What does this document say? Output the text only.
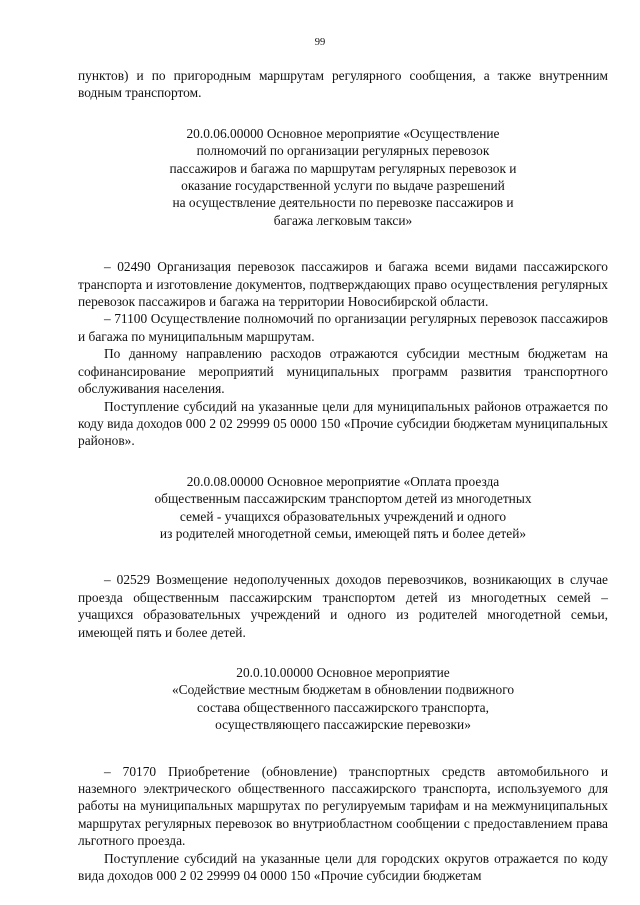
99

пунктов) и по пригородным маршрутам регулярного сообщения, а также внутренним водным транспортом.

20.0.06.00000 Основное мероприятие «Осуществление
полномочий по организации регулярных перевозок
пассажиров и багажа по маршрутам регулярных перевозок и
оказание государственной услуги по выдаче разрешений
на осуществление деятельности по перевозке пассажиров и
багажа легковым такси»

– 02490 Организация перевозок пассажиров и багажа всеми видами пассажирского транспорта и изготовление документов, подтверждающих право осуществления регулярных перевозок пассажиров и багажа на территории Новосибирской области.

– 71100 Осуществление полномочий по организации регулярных перевозок пассажиров и багажа по муниципальным маршрутам.

По данному направлению расходов отражаются субсидии местным бюджетам на софинансирование мероприятий муниципальных программ развития транспортного обслуживания населения.

Поступление субсидий на указанные цели для муниципальных районов отражается по коду вида доходов 000 2 02 29999 05 0000 150 «Прочие субсидии бюджетам муниципальных районов».

20.0.08.00000 Основное мероприятие «Оплата проезда
общественным пассажирским транспортом детей из многодетных
семей - учащихся образовательных учреждений и одного
из родителей многодетной семьи, имеющей пять и более детей»

– 02529 Возмещение недополученных доходов перевозчиков, возникающих в случае проезда общественным пассажирским транспортом детей из многодетных семей – учащихся образовательных учреждений и одного из родителей многодетной семьи, имеющей пять и более детей.

20.0.10.00000 Основное мероприятие
«Содействие местным бюджетам в обновлении подвижного
состава общественного пассажирского транспорта,
осуществляющего пассажирские перевозки»

– 70170 Приобретение (обновление) транспортных средств автомобильного и наземного электрического общественного пассажирского транспорта, используемого для работы на муниципальных маршрутах по регулируемым тарифам и на межмуниципальных маршрутах регулярных перевозок во внутриобластном сообщении с предоставлением права льготного проезда.

Поступление субсидий на указанные цели для городских округов отражается по коду вида доходов 000 2 02 29999 04 0000 150 «Прочие субсидии бюджетам
